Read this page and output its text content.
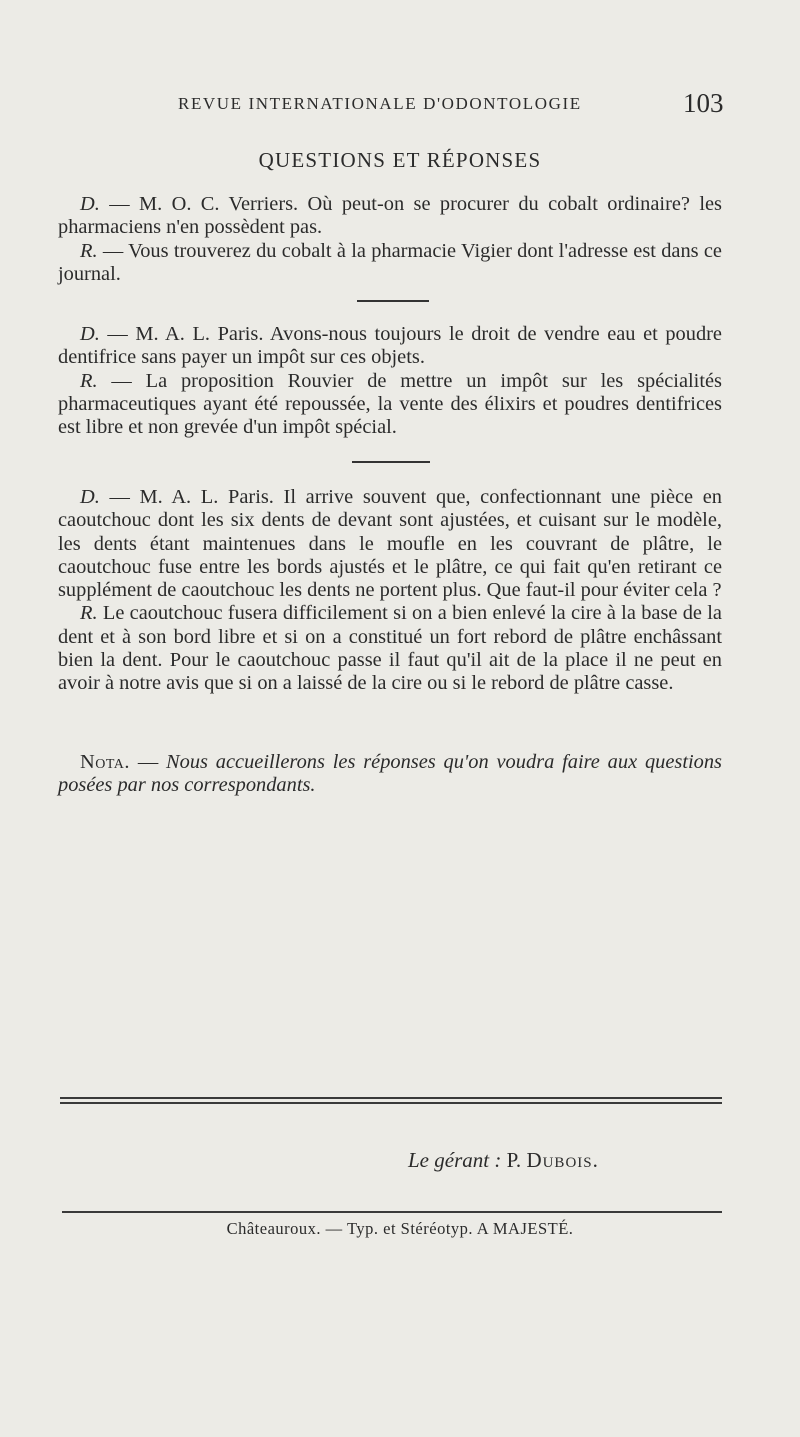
REVUE INTERNATIONALE D'ODONTOLOGIE	103
QUESTIONS ET RÉPONSES

D. — M. O. C. Verriers. Où peut-on se procurer du cobalt ordinaire? les pharmaciens n'en possèdent pas.

R. — Vous trouverez du cobalt à la pharmacie Vigier dont l'adresse est dans ce journal.

D. — M. A. L. Paris. Avons-nous toujours le droit de vendre eau et poudre dentifrice sans payer un impôt sur ces objets.

R. — La proposition Rouvier de mettre un impôt sur les spécialités pharmaceutiques ayant été repoussée, la vente des élixirs et poudres dentifrices est libre et non grevée d'un impôt spécial.

D. — M. A. L. Paris. Il arrive souvent que, confectionnant une pièce en caoutchouc dont les six dents de devant sont ajustées, et cuisant sur le modèle, les dents étant maintenues dans le moufle en les couvrant de plâtre, le caoutchouc fuse entre les bords ajustés et le plâtre, ce qui fait qu'en retirant ce supplément de caoutchouc les dents ne portent plus. Que faut-il pour éviter cela ?

R. Le caoutchouc fusera difficilement si on a bien enlevé la cire à la base de la dent et à son bord libre et si on a constitué un fort rebord de plâtre enchâssant bien la dent. Pour le caoutchouc passe il faut qu'il ait de la place il ne peut en avoir à notre avis que si on a laissé de la cire ou si le rebord de plâtre casse.

Nota. — Nous accueillerons les réponses qu'on voudra faire aux questions posées par nos correspondants.

Le gérant : P. Dubois.
Châteauroux. — Typ. et Stéréotyp. A MAJESTÉ.
